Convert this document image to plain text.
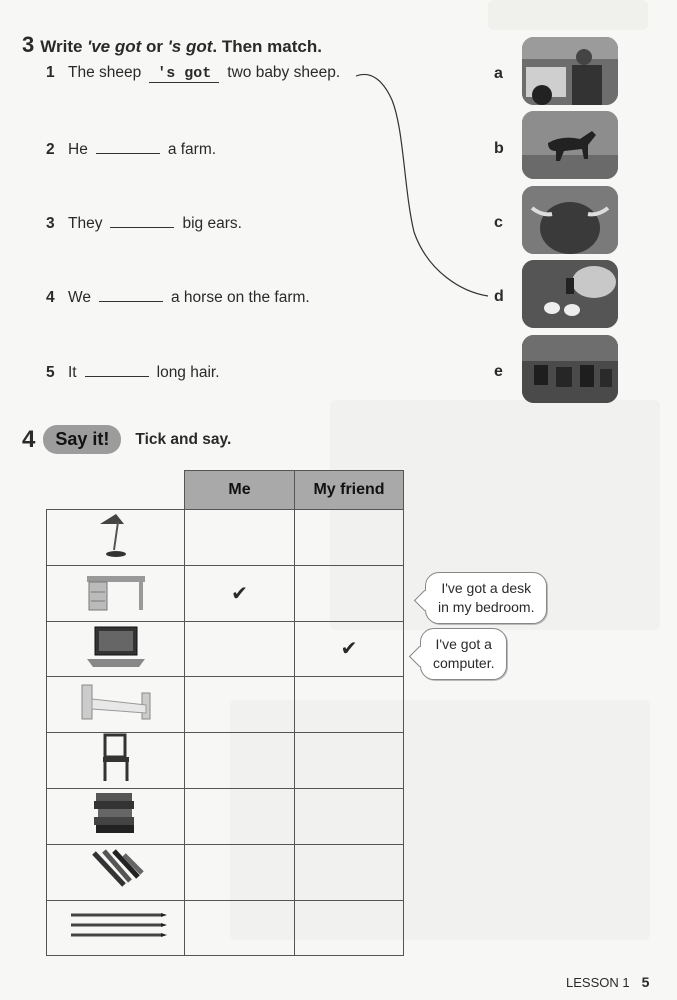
3 Write 've got or 's got. Then match.
1 The sheep	's got	two baby sheep.
2 He	a farm.
3 They	big ears.
4 We	a horse on the farm.
5 It	long hair.
a
b
c
d
e
4	Say it!	Tick and say.
	Me	My friend

	✔	
		✔

I've got a desk
in my bedroom.
I've got a
computer.
LESSON 1 5
